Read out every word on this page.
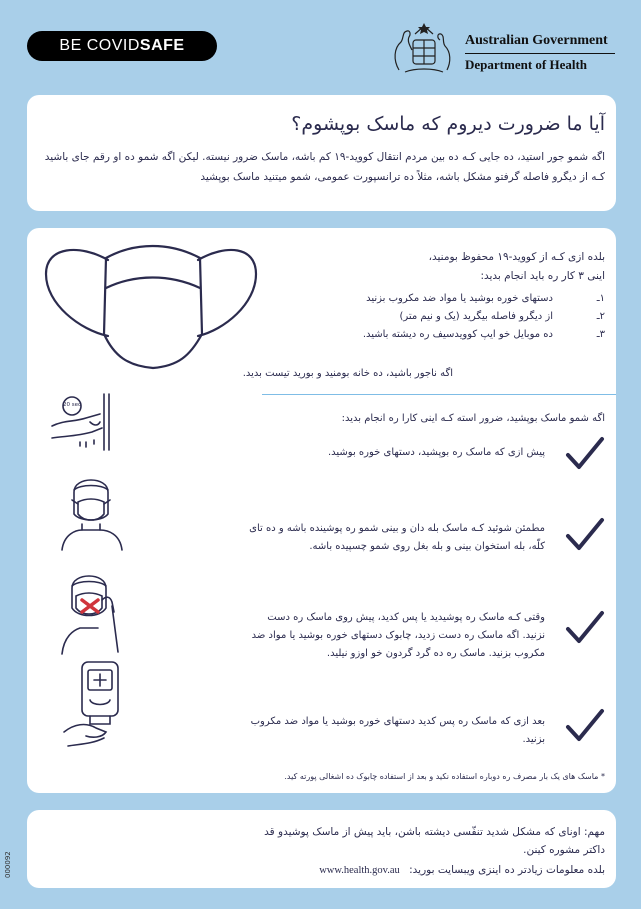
BE COVIDSAFE	Australian Government
Department of Health
آیا ما ضرورت دیروم که ماسک بوپشوم؟
اگه شمو جور استید، ده جایی کـه ده بین مردم انتقال کووید-۱۹ کم باشه، ماسک ضرور نیسته. لیکن اگه شمو ده او رقم جای باشید کـه از دیگرو فاصله گرفتو مشکل باشه، مثلاً ده ترانسپورت عمومی، شمو میتنید ماسک بوپشید
بلده ازی کـه از کووید-۱۹ محفوظ بومنید،
اینی ۳ کار ره باید انجام بدید:
۱ـ
دستهای خوره بوشید یا مواد ضد مکروب بزنید
۲ـ
از دیگرو فاصله بیگرید (یک و نیم متر)
۳ـ
ده موبایل خو ایپ کوویدسیف ره دیشته باشید.
اگه ناجور باشید، ده خانه بومنید و بورید تیست بدید.
اگه شمو ماسک بوپشید، ضرور استه کـه اینی کارا ره انجام بدید:
20 sec
پیش ازی که ماسک ره بوپشید، دستهای خوره بوشید.
مطمئن شوئید کـه ماسک بله دان و بینی شمو ره پوشینده باشه و ده تای کلّه، بله استخوان بینی و بله بغل روی شمو چسپیده باشه.
وقتی کـه ماسک ره پوشیدید یا پس کدید، پیش روی ماسک ره دست نزنید. اگه ماسک ره دست زدید، چابوک دستهای خوره بوشید یا مواد ضد مکروب بزنید. ماسک ره ده گرد گردون خو اوزو نیلید.
بعد ازی که ماسک ره پس کدید دستهای خوره بوشید یا مواد ضد مکروب بزنید.
* ماسک های یک بار مصرف ره دوباره استفاده نکید و بعد از استفاده چابوک ده اشغالی پورته کید.
مهم: اونای که مشکل شدید تنفّسی دیشته باشن، باید پیش از ماسک پوشیدو قد داکتر مشوره کینن.
بلده معلومات زیادتر ده اینزی ویبسایت بورید: www.health.gov.au
000092
